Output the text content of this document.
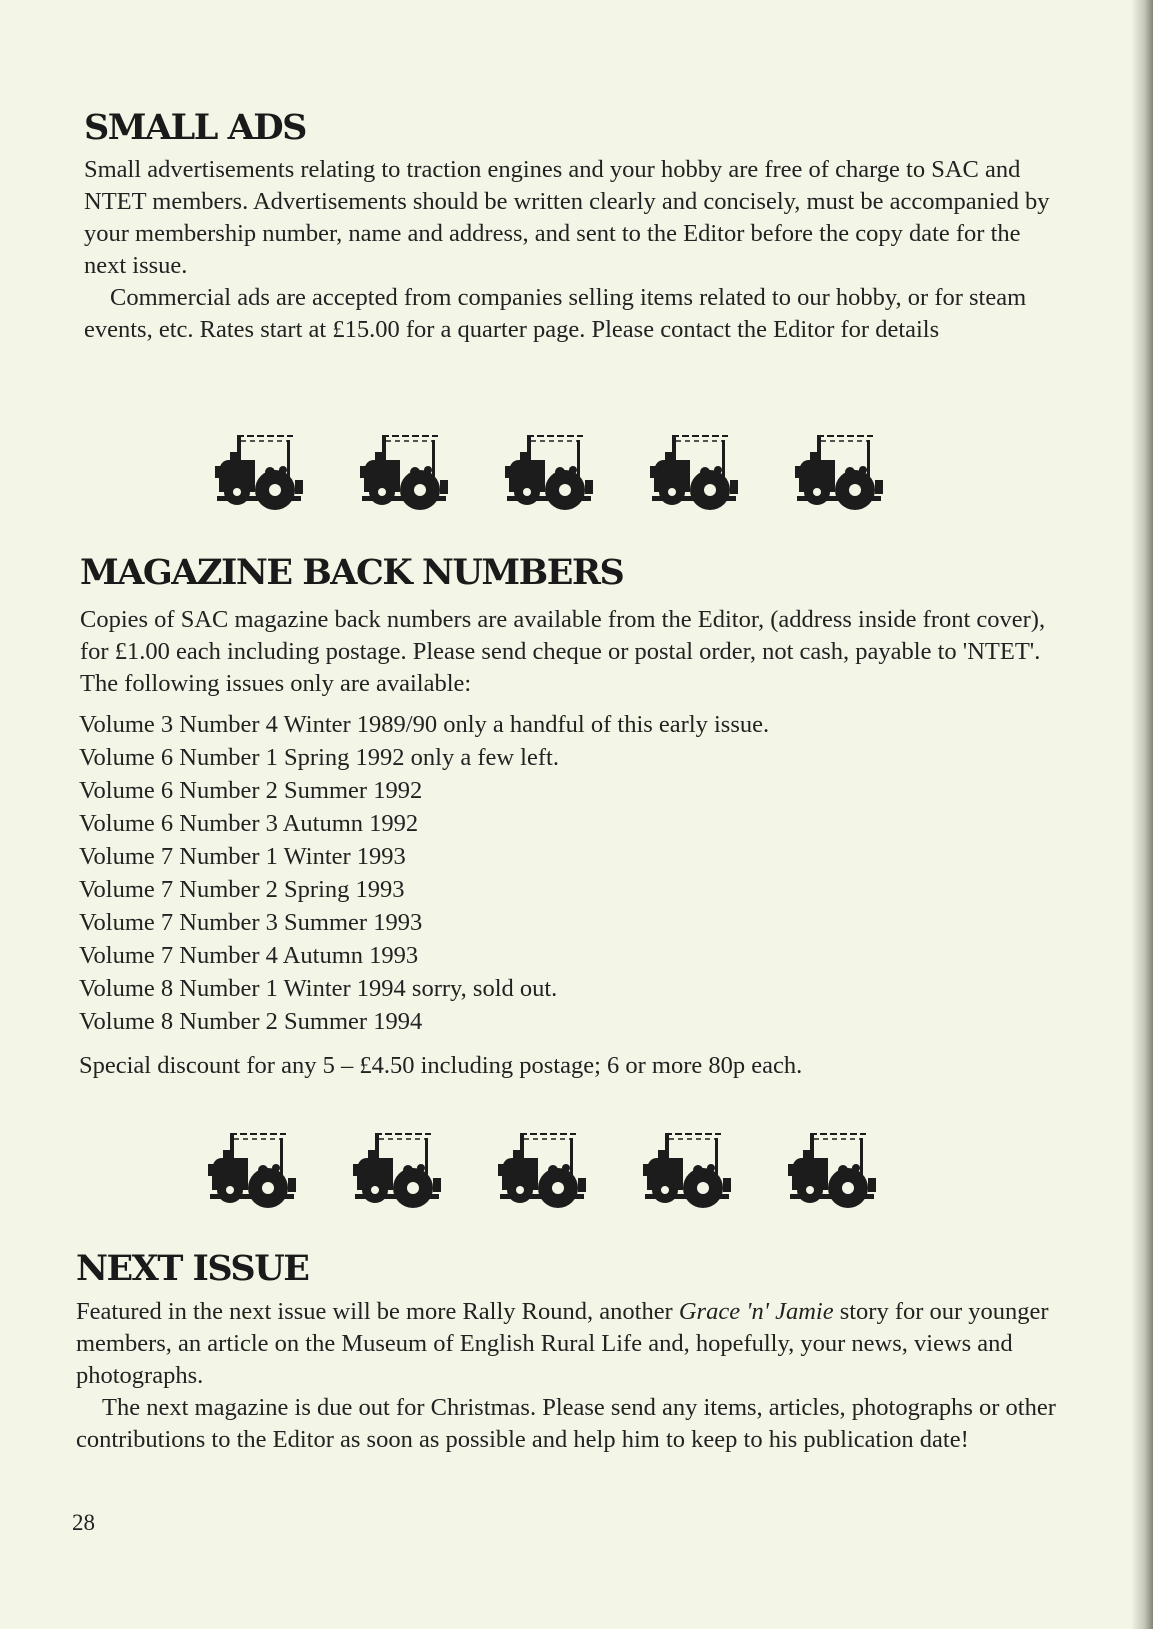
SMALL ADS

Small advertisements relating to traction engines and your hobby are free of charge to SAC and NTET members. Advertisements should be written clearly and concisely, must be accompanied by your membership number, name and address, and sent to the Editor before the copy date for the next issue.

Commercial ads are accepted from companies selling items related to our hobby, or for steam events, etc. Rates start at £15.00 for a quarter page. Please contact the Editor for details

MAGAZINE BACK NUMBERS

Copies of SAC magazine back numbers are available from the Editor, (address inside front cover), for £1.00 each including postage. Please send cheque or postal order, not cash, payable to 'NTET'. The following issues only are available:

Volume 3 Number 4 Winter 1989/90 only a handful of this early issue.
Volume 6 Number 1 Spring 1992 only a few left.
Volume 6 Number 2 Summer 1992
Volume 6 Number 3 Autumn 1992
Volume 7 Number 1 Winter 1993
Volume 7 Number 2 Spring 1993
Volume 7 Number 3 Summer 1993
Volume 7 Number 4 Autumn 1993
Volume 8 Number 1 Winter 1994 sorry, sold out.
Volume 8 Number 2 Summer 1994

Special discount for any 5 – £4.50 including postage; 6 or more 80p each.

NEXT ISSUE

Featured in the next issue will be more Rally Round, another Grace 'n' Jamie story for our younger members, an article on the Museum of English Rural Life and, hopefully, your news, views and photographs.

The next magazine is due out for Christmas. Please send any items, articles, photographs or other contributions to the Editor as soon as possible and help him to keep to his publication date!

28
